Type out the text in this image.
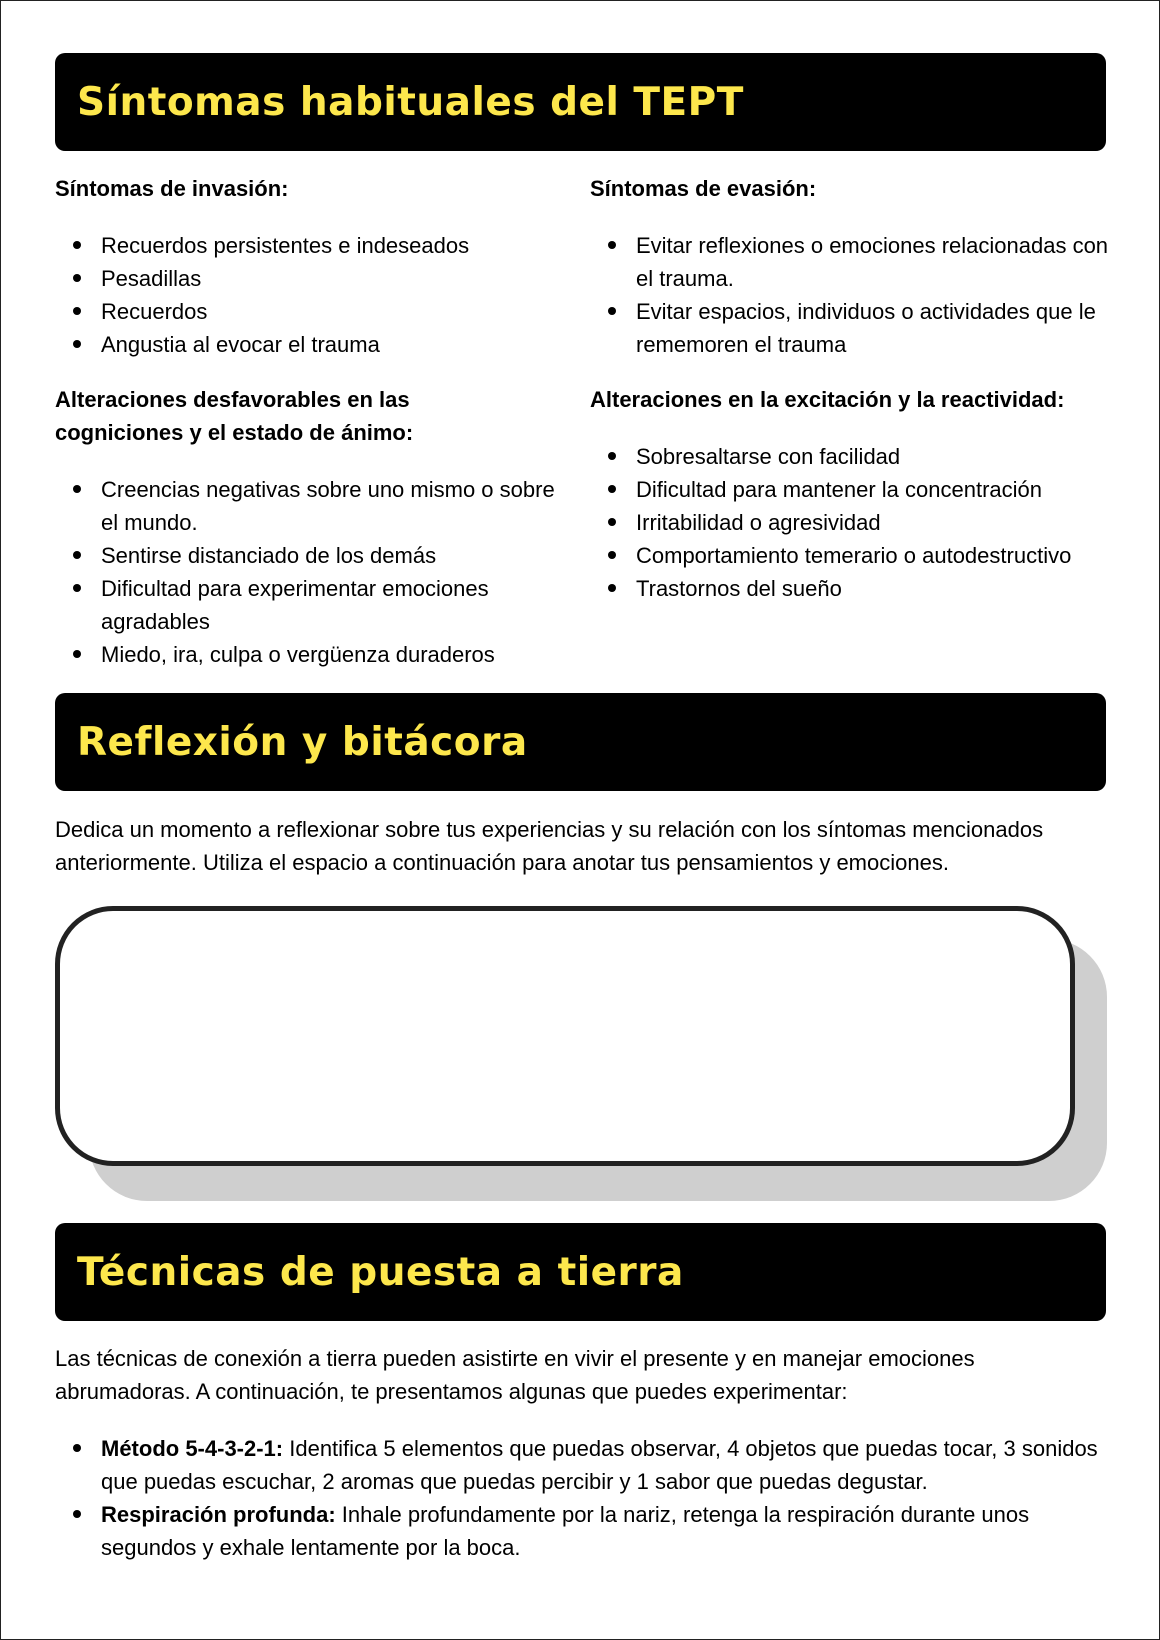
Síntomas habituales del TEPT

Síntomas de invasión:

Recuerdos persistentes e indeseados
Pesadillas
Recuerdos
Angustia al evocar el trauma

Alteraciones desfavorables en las cogniciones y el estado de ánimo:

Creencias negativas sobre uno mismo o sobre el mundo.
Sentirse distanciado de los demás
Dificultad para experimentar emociones agradables
Miedo, ira, culpa o vergüenza duraderos

Síntomas de evasión:

Evitar reflexiones o emociones relacionadas con el trauma.
Evitar espacios, individuos o actividades que le rememoren el trauma

Alteraciones en la excitación y la reactividad:

Sobresaltarse con facilidad
Dificultad para mantener la concentración
Irritabilidad o agresividad
Comportamiento temerario o autodestructivo
Trastornos del sueño
Reflexión y bitácora

Dedica un momento a reflexionar sobre tus experiencias y su relación con los síntomas mencionados anteriormente. Utiliza el espacio a continuación para anotar tus pensamientos y emociones.

Técnicas de puesta a tierra

Las técnicas de conexión a tierra pueden asistirte en vivir el presente y en manejar emociones abrumadoras. A continuación, te presentamos algunas que puedes experimentar:

Método 5-4-3-2-1: Identifica 5 elementos que puedas observar, 4 objetos que puedas tocar, 3 sonidos que puedas escuchar, 2 aromas que puedas percibir y 1 sabor que puedas degustar.
Respiración profunda: Inhale profundamente por la nariz, retenga la respiración durante unos segundos y exhale lentamente por la boca.
